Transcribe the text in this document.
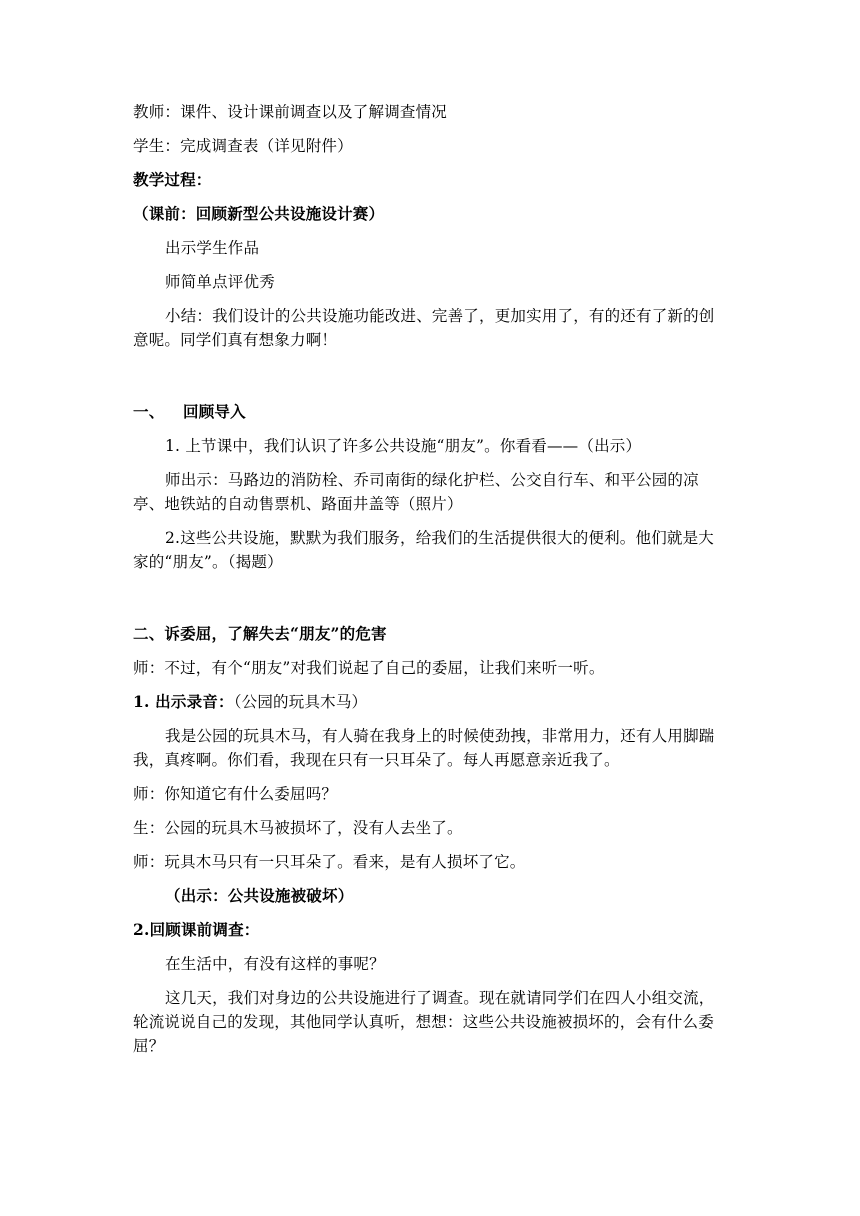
教师：课件、设计课前调查以及了解调查情况

学生：完成调查表（详见附件）

教学过程：

（课前：回顾新型公共设施设计赛）

出示学生作品

师简单点评优秀

小结：我们设计的公共设施功能改进、完善了，更加实用了，有的还有了新的创意呢。同学们真有想象力啊！

一、	回顾导入

1. 上节课中，我们认识了许多公共设施“朋友”。你看看——（出示）

师出示：马路边的消防栓、乔司南街的绿化护栏、公交自行车、和平公园的凉亭、地铁站的自动售票机、路面井盖等（照片）

2.这些公共设施，默默为我们服务，给我们的生活提供很大的便利。他们就是大家的“朋友”。（揭题）

二、诉委屈，了解失去“朋友”的危害

师：不过，有个“朋友”对我们说起了自己的委屈，让我们来听一听。

1. 出示录音：（公园的玩具木马）

我是公园的玩具木马，有人骑在我身上的时候使劲拽，非常用力，还有人用脚踹我，真疼啊。你们看，我现在只有一只耳朵了。每人再愿意亲近我了。

师：你知道它有什么委屈吗？

生：公园的玩具木马被损坏了，没有人去坐了。

师：玩具木马只有一只耳朵了。看来，是有人损坏了它。

（出示：公共设施被破坏）

2.回顾课前调查：

在生活中，有没有这样的事呢？

这几天，我们对身边的公共设施进行了调查。现在就请同学们在四人小组交流，轮流说说自己的发现，其他同学认真听，想想：这些公共设施被损坏的，会有什么委屈？
